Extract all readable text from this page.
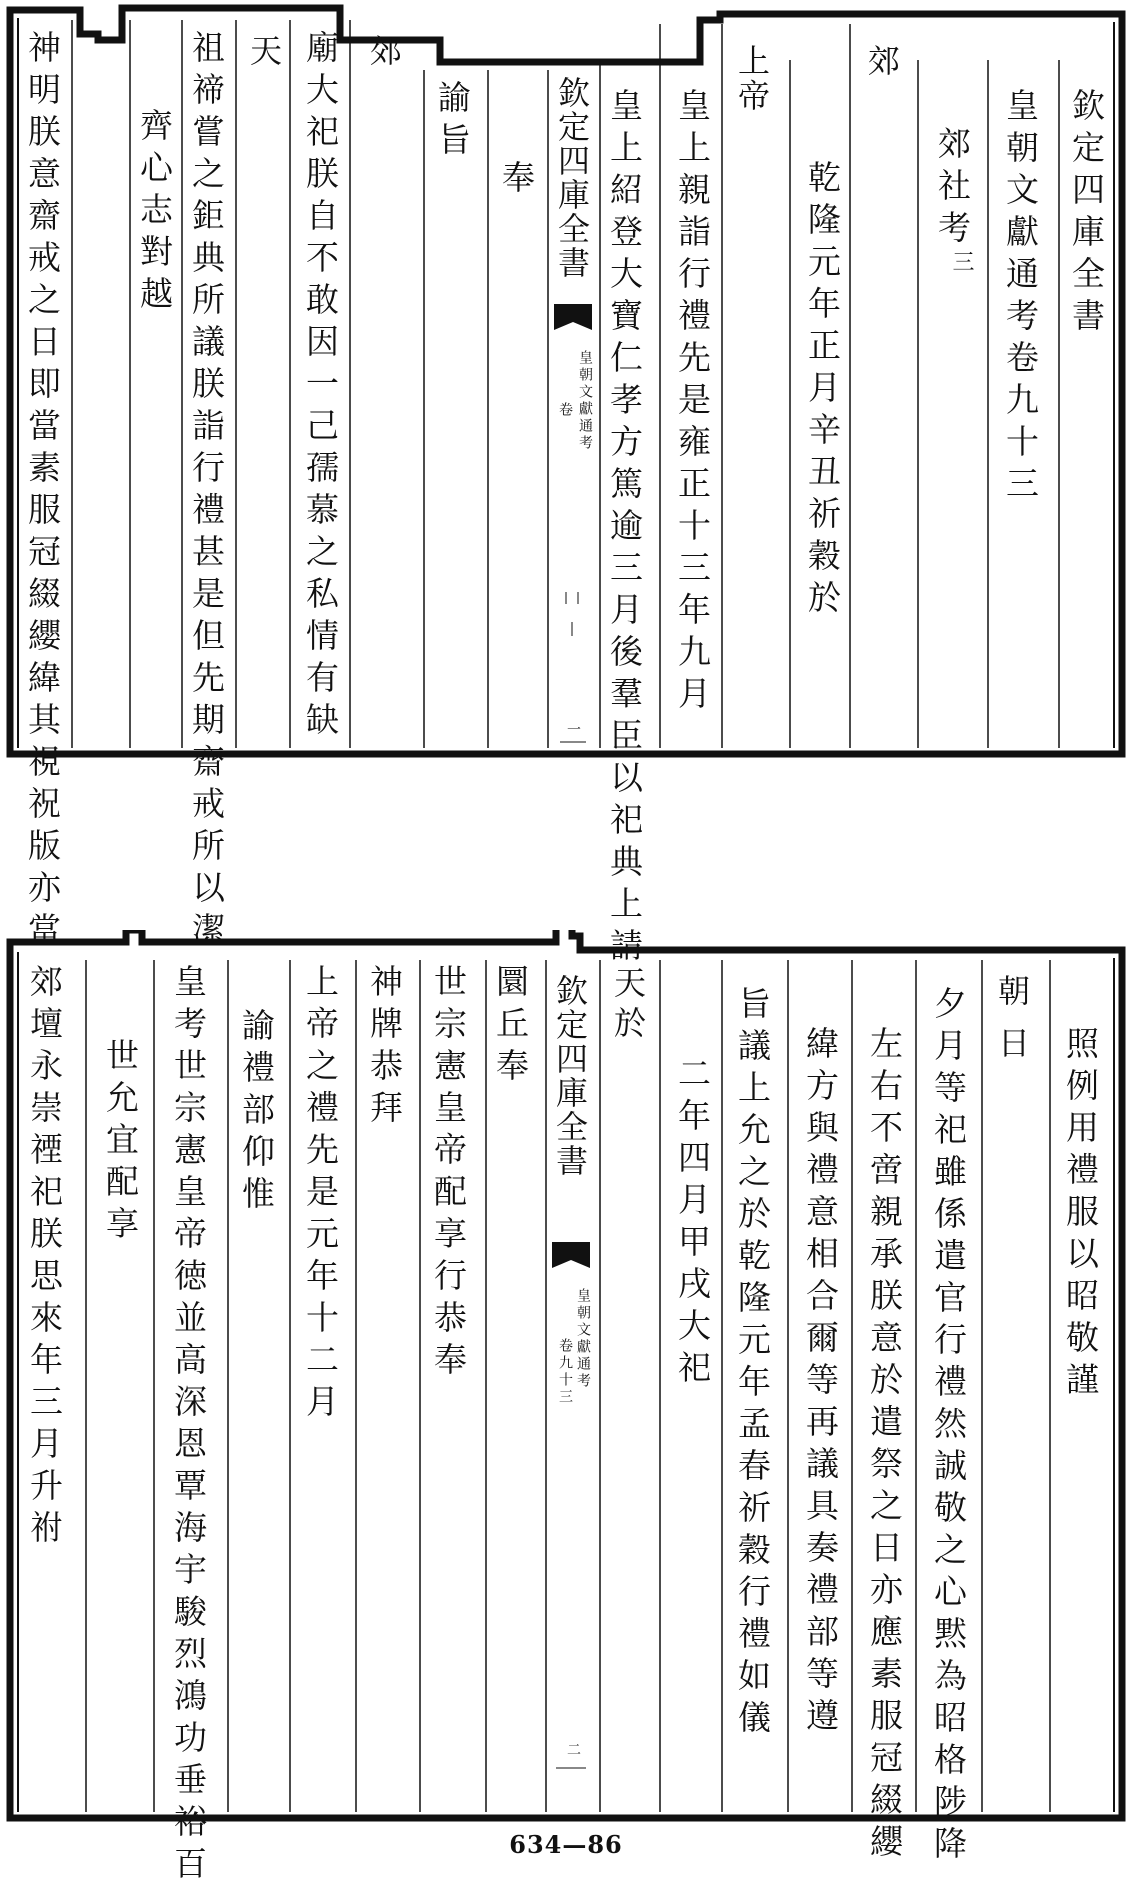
欽定四庫全書
皇朝文獻通考卷九十三
郊社考
三
郊
乾隆元年正月辛丑祈穀於
上帝
皇上親詣行禮先是雍正十三年九月
皇上紹登大寶仁孝方篤逾三月後羣臣以祀典上請
欽定四庫全書
皇朝文獻通考
卷
一
奉
諭旨
郊
廟大祀朕自不敢因一己孺慕之私情有缺
天
祖禘嘗之鉅典所議朕詣行禮甚是但先期齋戒所以潔
齊心志對越
神明朕意齋戒之日即當素服冠綴纓緯其視祝版亦當
照例用禮服以昭敬謹
朝日
夕月等祀雖係遣官行禮然誠敬之心黙為昭格陟降
左右不啻親承朕意於遣祭之日亦應素服冠綴纓
緯方與禮意相合爾等再議具奏禮部等遵
旨議上允之於乾隆元年孟春祈穀行禮如儀
二年四月甲戌大祀
天
於
欽定四庫全書
皇朝文獻通考
卷九十三
二
圜丘奉
世宗憲皇帝配享行恭奉
神牌恭拜
上帝之禮先是元年十二月
諭禮部仰惟
皇考世宗憲皇帝徳並高深恩覃海宇駿烈鴻功垂裕百
世允宜配享
郊壇永崇禋祀朕思來年三月升祔
634—86
